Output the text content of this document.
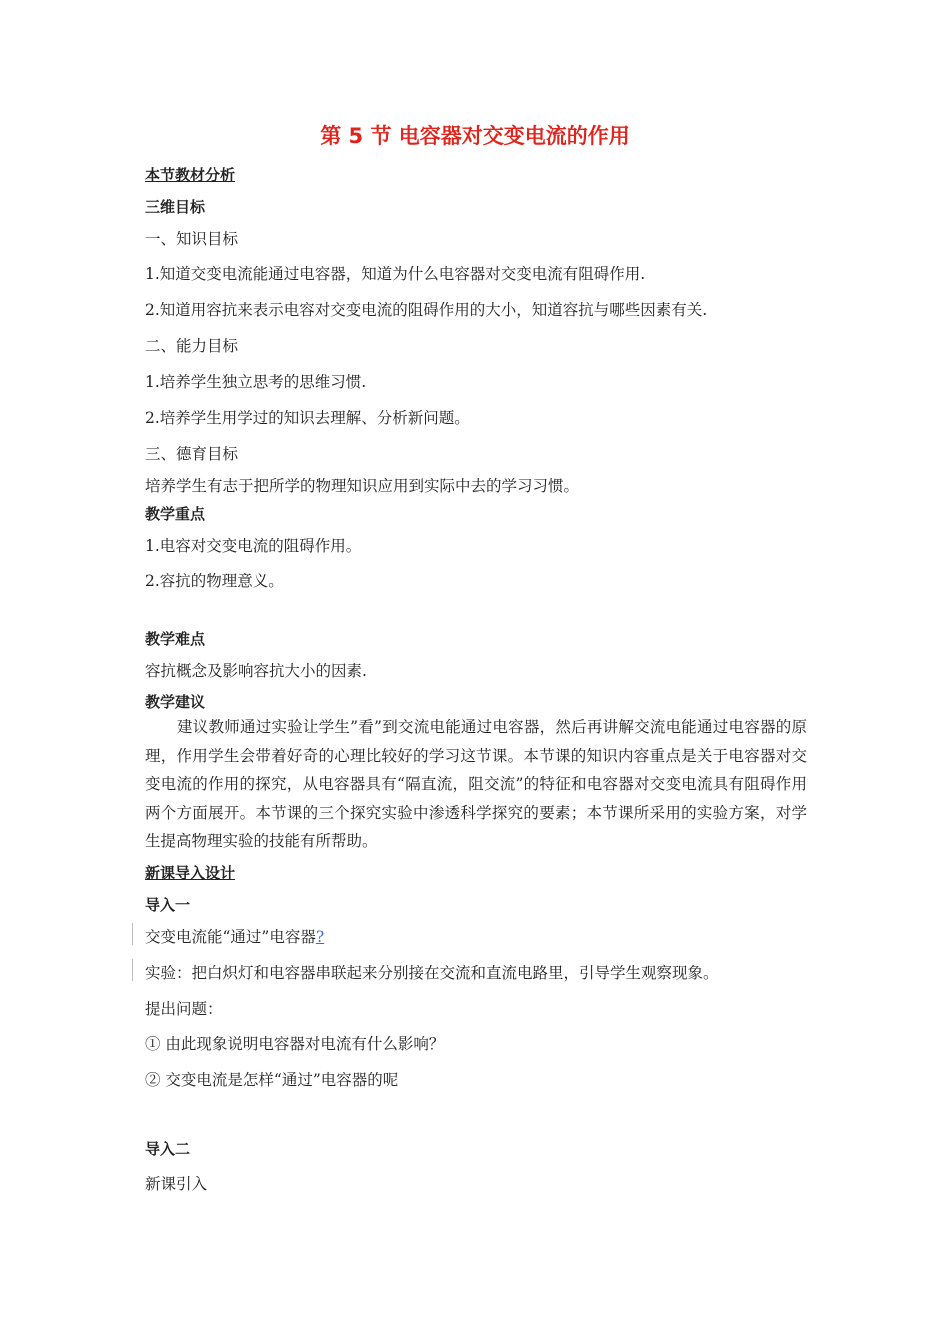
第 5 节 电容器对交变电流的作用
本节教材分析
三维目标
一、知识目标
1.知道交变电流能通过电容器，知道为什么电容器对交变电流有阻碍作用.
2.知道用容抗来表示电容对交变电流的阻碍作用的大小，知道容抗与哪些因素有关.
二、能力目标
1.培养学生独立思考的思维习惯.
2.培养学生用学过的知识去理解、分析新问题。
三、德育目标
培养学生有志于把所学的物理知识应用到实际中去的学习习惯。
教学重点
1.电容对交变电流的阻碍作用。
2.容抗的物理意义。
教学难点
容抗概念及影响容抗大小的因素.
教学建议
建议教师通过实验让学生”看”到交流电能通过电容器，然后再讲解交流电能通过电容器的原理，作用学生会带着好奇的心理比较好的学习这节课。本节课的知识内容重点是关于电容器对交变电流的作用的探究，从电容器具有“隔直流，阻交流”的特征和电容器对交变电流具有阻碍作用两个方面展开。本节课的三个探究实验中渗透科学探究的要素；本节课所采用的实验方案，对学生提高物理实验的技能有所帮助。
新课导入设计
导入一
交变电流能“通过”电容器?
实验：把白炽灯和电容器串联起来分别接在交流和直流电路里，引导学生观察现象。
提出问题：
① 由此现象说明电容器对电流有什么影响？
② 交变电流是怎样“通过”电容器的呢
导入二
新课引入
